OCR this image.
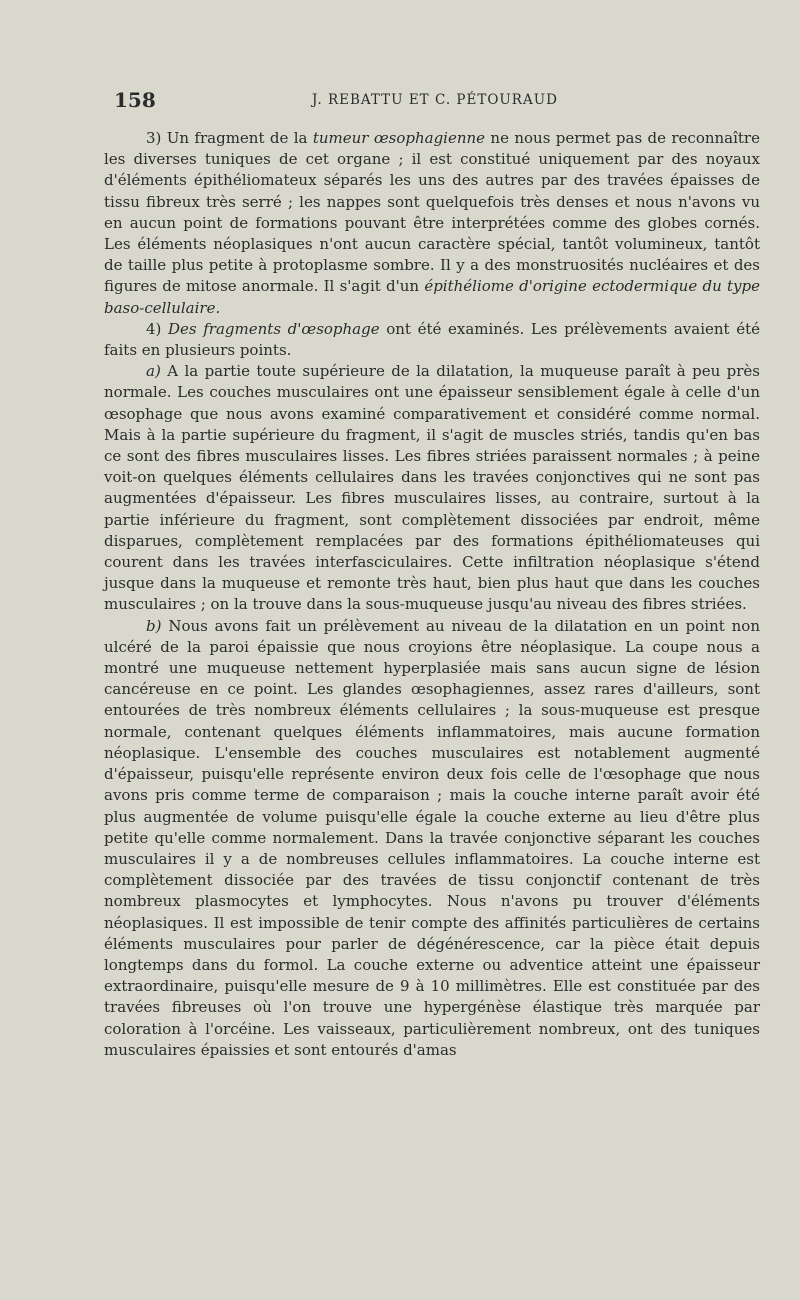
158	J. REBATTU ET C. PÉTOURAUD

3) Un fragment de la tumeur œsophagienne ne nous permet pas de reconnaître les diverses tuniques de cet organe ; il est constitué uniquement par des noyaux d'éléments épithéliomateux séparés les uns des autres par des travées épaisses de tissu fibreux très serré ; les nappes sont quelquefois très denses et nous n'avons vu en aucun point de formations pouvant être interprétées comme des globes cornés. Les éléments néoplasiques n'ont aucun caractère spécial, tantôt volumineux, tantôt de taille plus petite à protoplasme sombre. Il y a des monstruosités nucléaires et des figures de mitose anormale. Il s'agit d'un épithéliome d'origine ectodermique du type baso-cellulaire.

4) Des fragments d'œsophage ont été examinés. Les prélèvements avaient été faits en plusieurs points.

a) A la partie toute supérieure de la dilatation, la muqueuse paraît à peu près normale. Les couches musculaires ont une épaisseur sensiblement égale à celle d'un œsophage que nous avons examiné comparativement et considéré comme normal. Mais à la partie supérieure du fragment, il s'agit de muscles striés, tandis qu'en bas ce sont des fibres musculaires lisses. Les fibres striées paraissent normales ; à peine voit-on quelques éléments cellulaires dans les travées conjonctives qui ne sont pas augmentées d'épaisseur. Les fibres musculaires lisses, au contraire, surtout à la partie inférieure du fragment, sont complètement dissociées par endroit, même disparues, complètement remplacées par des formations épithéliomateuses qui courent dans les travées interfasciculaires. Cette infiltration néoplasique s'étend jusque dans la muqueuse et remonte très haut, bien plus haut que dans les couches musculaires ; on la trouve dans la sous-muqueuse jusqu'au niveau des fibres striées.

b) Nous avons fait un prélèvement au niveau de la dilatation en un point non ulcéré de la paroi épaissie que nous croyions être néoplasique. La coupe nous a montré une muqueuse nettement hyperplasiée mais sans aucun signe de lésion cancéreuse en ce point. Les glandes œsophagiennes, assez rares d'ailleurs, sont entourées de très nombreux éléments cellulaires ; la sous-muqueuse est presque normale, contenant quelques éléments inflammatoires, mais aucune formation néoplasique. L'ensemble des couches musculaires est notablement augmenté d'épaisseur, puisqu'elle représente environ deux fois celle de l'œsophage que nous avons pris comme terme de comparaison ; mais la couche interne paraît avoir été plus augmentée de volume puisqu'elle égale la couche externe au lieu d'être plus petite qu'elle comme normalement. Dans la travée conjonctive séparant les couches musculaires il y a de nombreuses cellules inflammatoires. La couche interne est complètement dissociée par des travées de tissu conjonctif contenant de très nombreux plasmocytes et lymphocytes. Nous n'avons pu trouver d'éléments néoplasiques. Il est impossible de tenir compte des affinités particulières de certains éléments musculaires pour parler de dégénérescence, car la pièce était depuis longtemps dans du formol. La couche externe ou adventice atteint une épaisseur extraordinaire, puisqu'elle mesure de 9 à 10 millimètres. Elle est constituée par des travées fibreuses où l'on trouve une hypergénèse élastique très marquée par coloration à l'orcéine. Les vaisseaux, particulièrement nombreux, ont des tuniques musculaires épaissies et sont entourés d'amas
